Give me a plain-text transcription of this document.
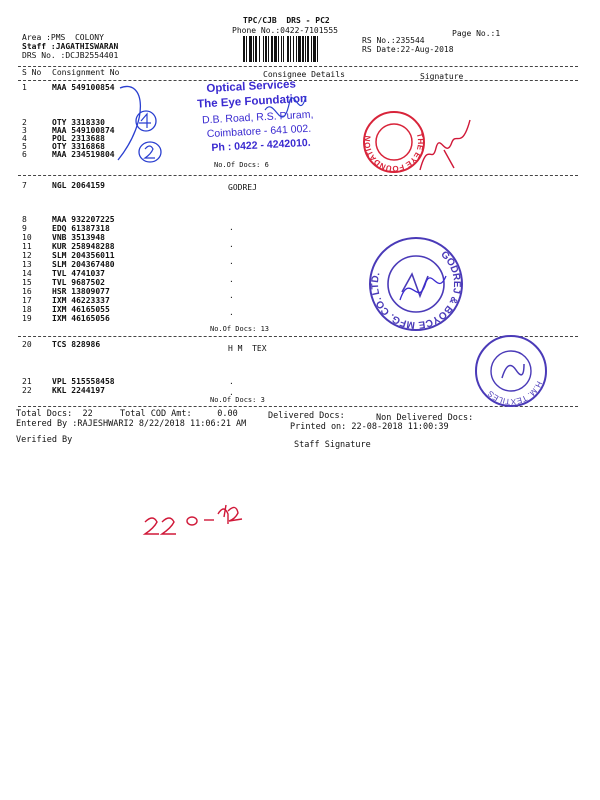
TPC/CJB  DRS - PC2
Phone No.:0422-7101555	Page No.:1
Area :PMS  COLONY
Staff :JAGATHISWARAN
DRS No. :DCJB2554401
RS No.:235544
RS Date:22-Aug-2018
S No Consignment No	Consignee Details	Signature
1	MAA 549100854
2	OTY 3318330
3	MAA 549100874
4	POL 2313688
5	OTY 3316868
6	MAA 234519804
No.Of Docs: 6
7	NGL 2064159	GODREJ
8	MAA 932207225
9	EDQ 61387318
10	VNB 3513948
11	KUR 258948288
12	SLM 204356011
13	SLM 204367480
14	TVL 4741037
15	TVL 9687502
16	HSR 13809077
17	IXM 46223337
18	IXM 46165055
19	IXM 46165056
No.Of Docs: 13
20	TCS 828986	H M  TEX
21	VPL 515558458
22	KKL 2244197
No.Of Docs: 3
.
.
.
.
.
.
.
.
Total Docs:  22	Total COD Amt:     0.00	Delivered Docs:	Non Delivered Docs:
Entered By :RAJESHWARI2 8/22/2018 11:06:21 AM	Printed on: 22-08-2018 11:00:39
Verified By	Staff Signature
Optical Services
The Eye Foundation
D.B. Road, R.S. Puram,
Coimbatore - 641 002.
Ph : 0422 - 4242010.
THE EYE FOUNDATION
GODREJ & BOYCE MFG. CO. LTD.
H.M. TEXTILES
